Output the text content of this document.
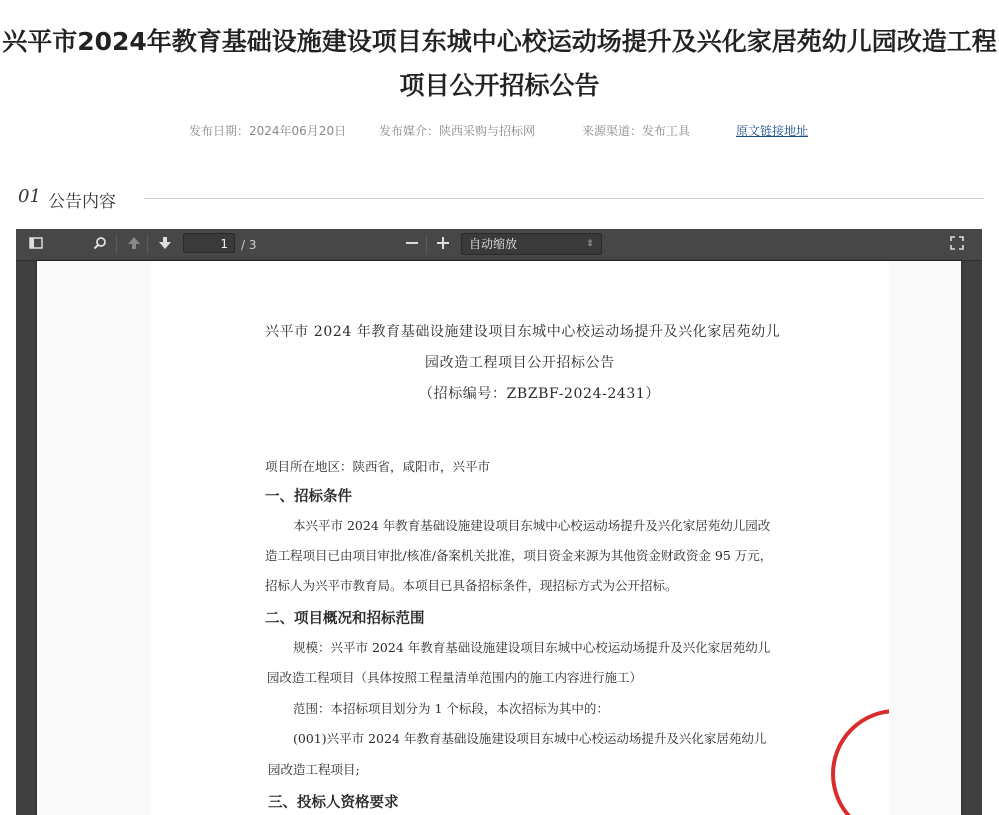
兴平市2024年教育基础设施建设项目东城中心校运动场提升及兴化家居苑幼儿园改造工程
项目公开招标公告
发布日期：2024年06月20日	发布媒介：陕西采购与招标网	来源渠道：发布工具	原文链接地址
01 公告内容
1	/ 3	自动缩放	⇳
兴平市 2024 年教育基础设施建设项目东城中心校运动场提升及兴化家居苑幼儿
园改造工程项目公开招标公告
（招标编号：ZBZBF-2024-2431）
项目所在地区：陕西省，咸阳市，兴平市
一、招标条件
本兴平市 2024 年教育基础设施建设项目东城中心校运动场提升及兴化家居苑幼儿园改
造工程项目已由项目审批/核准/备案机关批准，项目资金来源为其他资金财政资金 95 万元，
招标人为兴平市教育局。本项目已具备招标条件，现招标方式为公开招标。
二、项目概况和招标范围
规模：兴平市 2024 年教育基础设施建设项目东城中心校运动场提升及兴化家居苑幼儿
园改造工程项目（具体按照工程量清单范围内的施工内容进行施工）
范围：本招标项目划分为 1 个标段，本次招标为其中的：
(001)兴平市 2024 年教育基础设施建设项目东城中心校运动场提升及兴化家居苑幼儿
园改造工程项目;
三、投标人资格要求
